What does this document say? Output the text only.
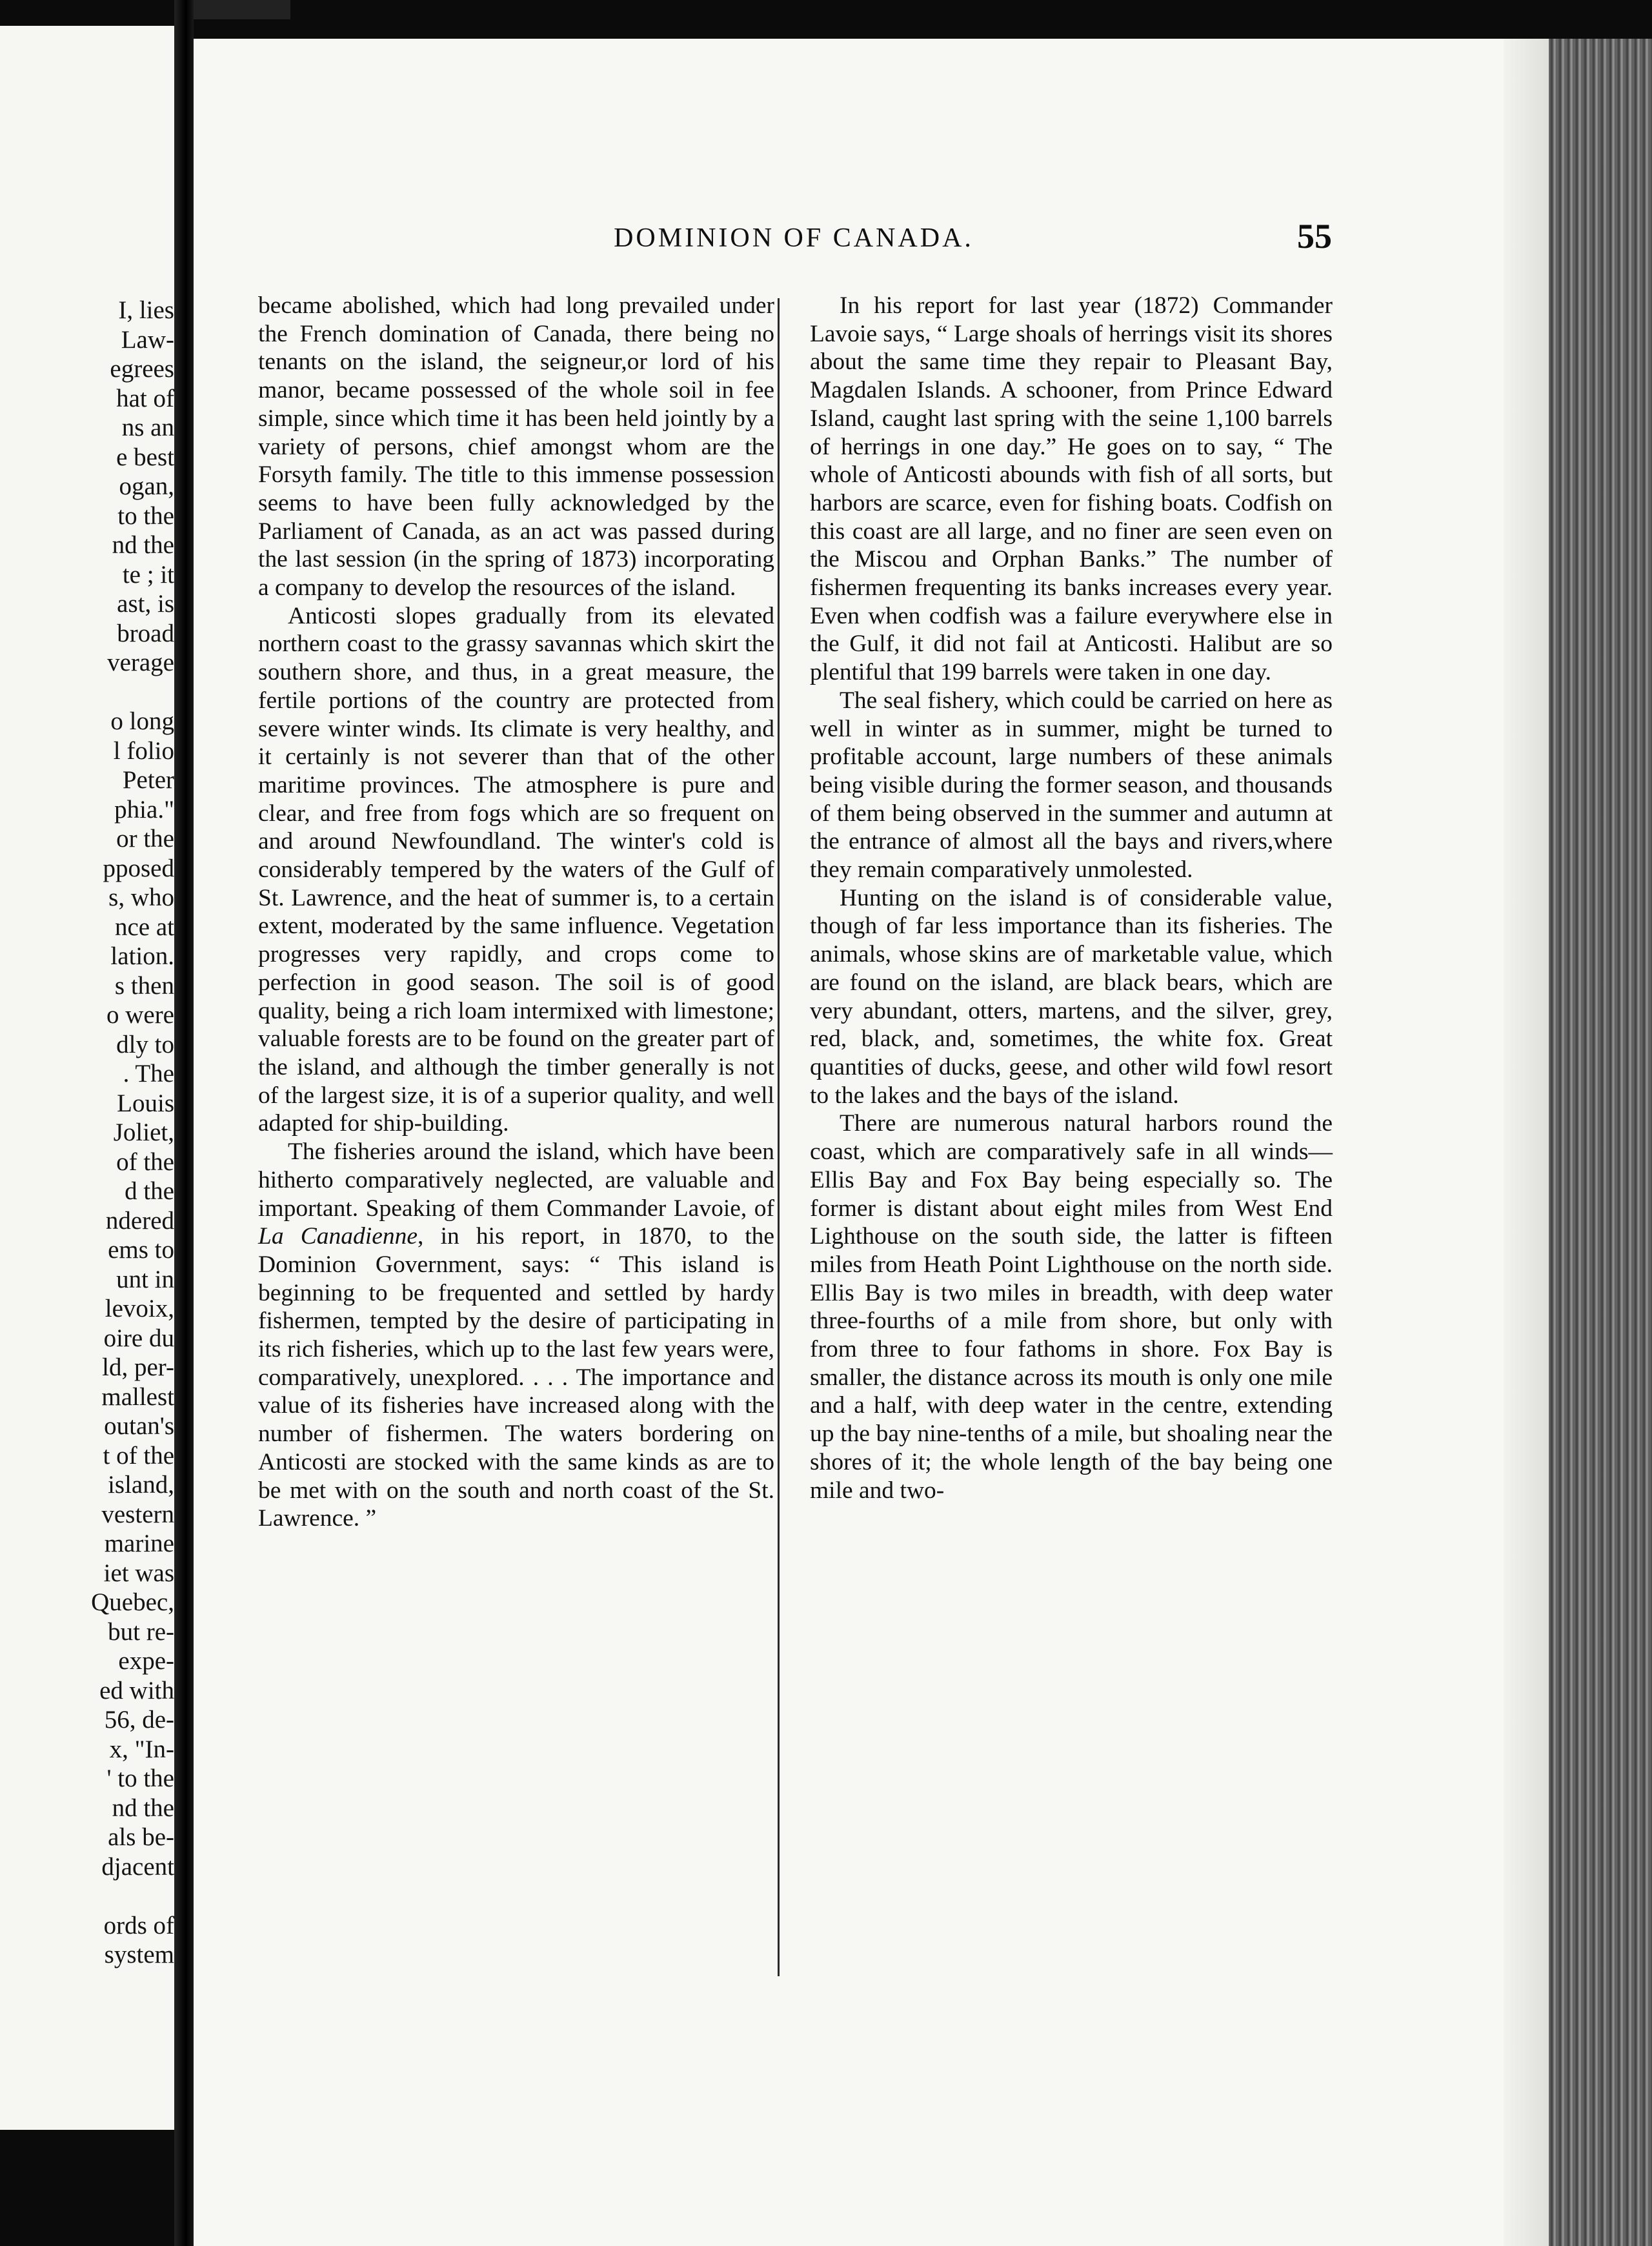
I, lies
Law-
egrees
hat of
ns an
e best
ogan,
to the
nd the
te ; it
ast, is
broad
verage

o long
l folio
Peter
phia."
or the
pposed
s, who
nce at
lation.
s then
o were
dly to
. The
Louis
Joliet,
of the
d the
ndered
ems to
unt in
levoix,
oire du
ld, per-
mallest
outan's
t of the
island,
vestern
marine
iet was
Quebec,
but re-
expe-
ed with
56, de-
x, "In-
' to the
nd the
als be-
djacent

ords of
system
DOMINION OF CANADA.	55

became abolished, which had long prevailed under the French domination of Canada, there being no tenants on the island, the seigneur,or lord of his manor, became possessed of the whole soil in fee simple, since which time it has been held jointly by a variety of persons, chief amongst whom are the Forsyth family. The title to this immense possession seems to have been fully acknowledged by the Parliament of Canada, as an act was passed during the last session (in the spring of 1873) incorporating a company to develop the resources of the island.

Anticosti slopes gradually from its elevated northern coast to the grassy savannas which skirt the southern shore, and thus, in a great measure, the fertile portions of the country are protected from severe winter winds. Its climate is very healthy, and it certainly is not severer than that of the other maritime provinces. The atmosphere is pure and clear, and free from fogs which are so frequent on and around Newfoundland. The winter's cold is considerably tempered by the waters of the Gulf of St. Lawrence, and the heat of summer is, to a certain extent, moderated by the same influence. Vegetation progresses very rapidly, and crops come to perfection in good season. The soil is of good quality, being a rich loam intermixed with limestone; valuable forests are to be found on the greater part of the island, and although the timber generally is not of the largest size, it is of a superior quality, and well adapted for ship-building.

The fisheries around the island, which have been hitherto comparatively neglected, are valuable and important. Speaking of them Commander Lavoie, of La Canadienne, in his report, in 1870, to the Dominion Government, says: “ This island is beginning to be frequented and settled by hardy fishermen, tempted by the desire of participating in its rich fisheries, which up to the last few years were, comparatively, unexplored. . . . The importance and value of its fisheries have increased along with the number of fishermen. The waters bordering on Anticosti are stocked with the same kinds as are to be met with on the south and north coast of the St. Lawrence. ”

In his report for last year (1872) Commander Lavoie says, “ Large shoals of herrings visit its shores about the same time they repair to Pleasant Bay, Magdalen Islands. A schooner, from Prince Edward Island, caught last spring with the seine 1,100 barrels of herrings in one day.” He goes on to say, “ The whole of Anticosti abounds with fish of all sorts, but harbors are scarce, even for fishing boats. Codfish on this coast are all large, and no finer are seen even on the Miscou and Orphan Banks.” The number of fishermen frequenting its banks increases every year. Even when codfish was a failure everywhere else in the Gulf, it did not fail at Anticosti. Halibut are so plentiful that 199 barrels were taken in one day.

The seal fishery, which could be carried on here as well in winter as in summer, might be turned to profitable account, large numbers of these animals being visible during the former season, and thousands of them being observed in the summer and autumn at the entrance of almost all the bays and rivers,where they remain comparatively unmolested.

Hunting on the island is of considerable value, though of far less importance than its fisheries. The animals, whose skins are of marketable value, which are found on the island, are black bears, which are very abundant, otters, martens, and the silver, grey, red, black, and, sometimes, the white fox. Great quantities of ducks, geese, and other wild fowl resort to the lakes and the bays of the island.

There are numerous natural harbors round the coast, which are comparatively safe in all winds—Ellis Bay and Fox Bay being especially so. The former is distant about eight miles from West End Lighthouse on the south side, the latter is fifteen miles from Heath Point Lighthouse on the north side. Ellis Bay is two miles in breadth, with deep water three-fourths of a mile from shore, but only with from three to four fathoms in shore. Fox Bay is smaller, the distance across its mouth is only one mile and a half, with deep water in the centre, extending up the bay nine-tenths of a mile, but shoaling near the shores of it; the whole length of the bay being one mile and two-
